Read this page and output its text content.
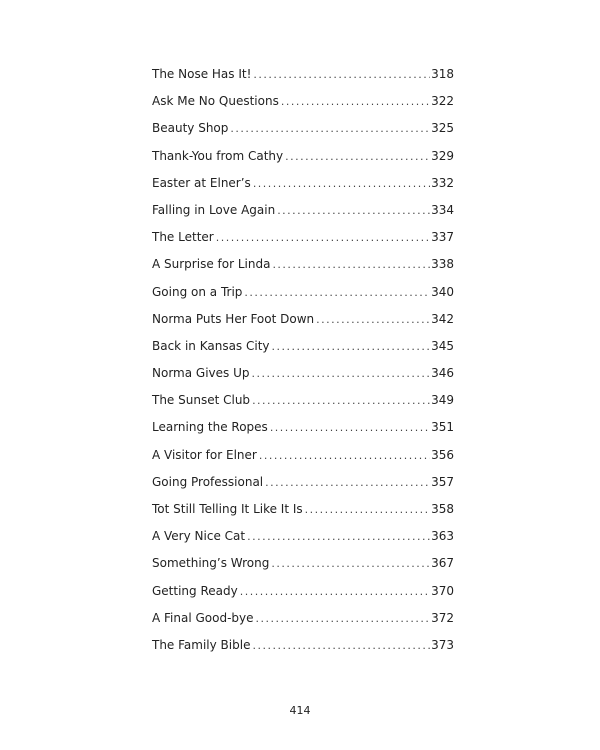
The Nose Has It! .....	318
Ask Me No Questions .....	322
Beauty Shop .....	325
Thank-You from Cathy .....	329
Easter at Elner’s .....	332
Falling in Love Again .....	334
The Letter .....	337
A Surprise for Linda .....	338
Going on a Trip .....	340
Norma Puts Her Foot Down .....	342
Back in Kansas City .....	345
Norma Gives Up .....	346
The Sunset Club .....	349
Learning the Ropes .....	351
A Visitor for Elner .....	356
Going Professional .....	357
Tot Still Telling It Like It Is .....	358
A Very Nice Cat .....	363
Something’s Wrong .....	367
Getting Ready .....	370
A Final Good-bye .....	372
The Family Bible .....	373
414
